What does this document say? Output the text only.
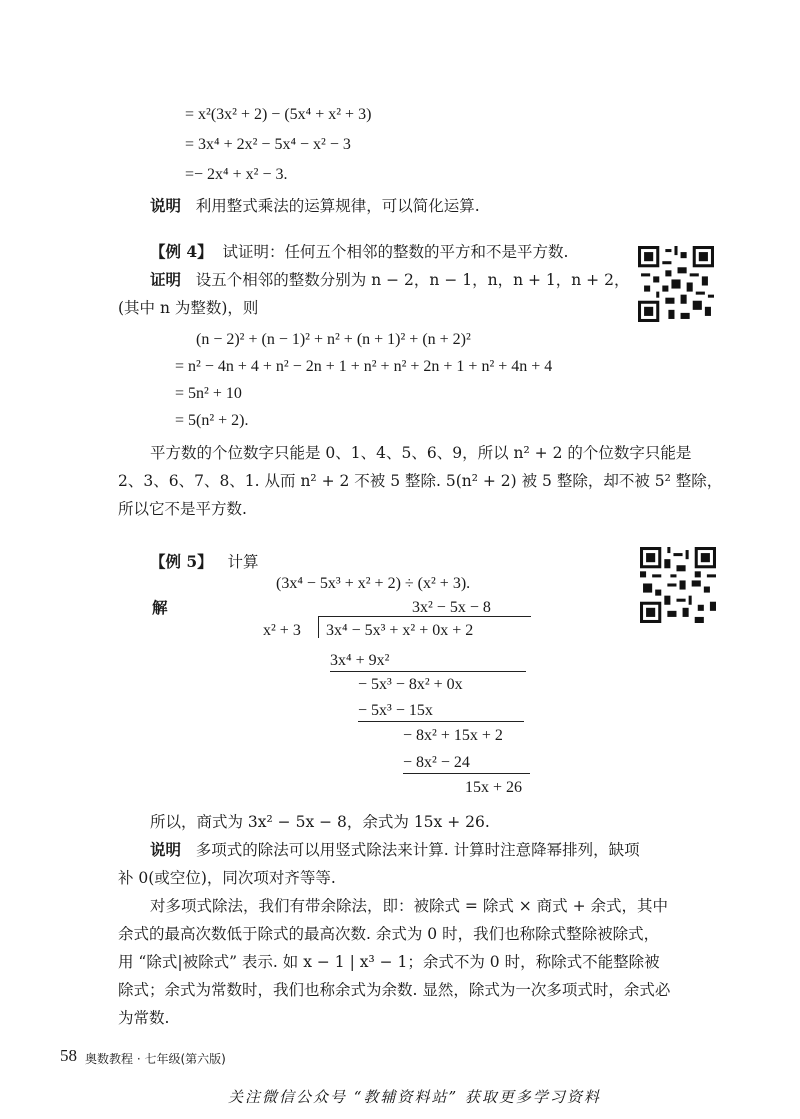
= x²(3x² + 2) − (5x⁴ + x² + 3)
= 3x⁴ + 2x² − 5x⁴ − x² − 3
=− 2x⁴ + x² − 3.
说明 利用整式乘法的运算规律，可以简化运算.
【例 4】 试证明：任何五个相邻的整数的平方和不是平方数.
证明 设五个相邻的整数分别为 n − 2，n − 1，n，n + 1，n + 2，
(其中 n 为整数)，则
(n − 2)² + (n − 1)² + n² + (n + 1)² + (n + 2)²
= n² − 4n + 4 + n² − 2n + 1 + n² + n² + 2n + 1 + n² + 4n + 4
= 5n² + 10
= 5(n² + 2).
平方数的个位数字只能是 0、1、4、5、6、9，所以 n² + 2 的个位数字只能是
2、3、6、7、8、1. 从而 n² + 2 不被 5 整除. 5(n² + 2) 被 5 整除，却不被 5² 整除，
所以它不是平方数.
【例 5】 计算
(3x⁴ − 5x³ + x² + 2) ÷ (x² + 3).
解	3x² − 5x − 8
x² + 3 3x⁴ − 5x³ + x² + 0x + 2
3x⁴ + 9x²
− 5x³ − 8x² + 0x
− 5x³ − 15x
− 8x² + 15x + 2
− 8x² − 24
15x + 26
所以，商式为 3x² − 5x − 8，余式为 15x + 26.
说明 多项式的除法可以用竖式除法来计算. 计算时注意降幂排列，缺项
补 0(或空位)，同次项对齐等等.
对多项式除法，我们有带余除法，即：被除式 = 除式 × 商式 + 余式，其中
余式的最高次数低于除式的最高次数. 余式为 0 时，我们也称除式整除被除式，
用 “除式|被除式” 表示. 如 x − 1 | x³ − 1；余式不为 0 时，称除式不能整除被
除式；余式为常数时，我们也称余式为余数. 显然，除式为一次多项式时，余式必
为常数.
58 奥数教程 · 七年级(第六版)
关注微信公众号 “教辅资料站” 获取更多学习资料
